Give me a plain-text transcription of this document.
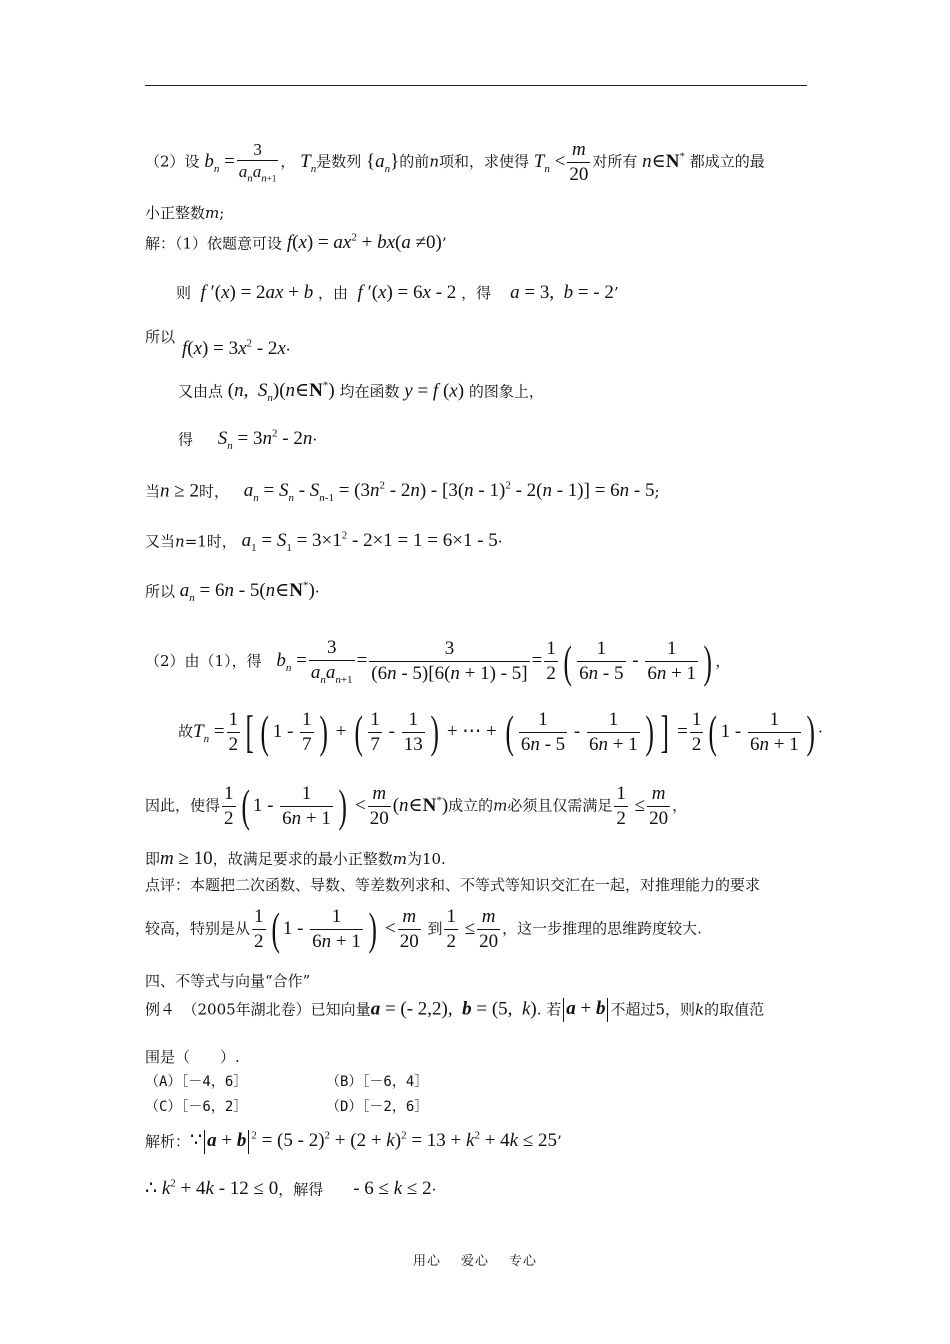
（2）设 $b_n = \frac{3}{a_na_{n+1}}$ ， $T_n$是数列 $\{a_n\}$的前n项和，求使得 $T_n < \frac{m}{20}$ 对所有 n∈N* 都成立的最
小正整数m;
解：（1）依题意可设 $f(x) = ax^2 + bx(a \ne 0)$’
则 f ′(x) = 2ax + b ，由 f ′(x) = 6x - 2 ，得 a = 3,  b = - 2’
所以
$f(x) = 3x^2 - 2x\cdot$
又由点 (n,  $S_n)(n\in N^*)$ 均在函数 y = f (x) 的图象上，
得 $S_n = 3n^2 - 2n\cdot$
当n ≥ 2时， $a_n = S_n - S_{n-1} = (3n^2 - 2n) - [3(n - 1)^2 - 2(n - 1)] = 6n - 5$;
又当n=1时， $a_1 = S_1 = 3\times 1^2 - 2\times 1 = 1 = 6\times 1 - 5\cdot$
所以 $a_n = 6n$ - 5(n∈N*)·
（2）由（1），得 $b_n = \frac{3}{a_na_{n+1}} = \frac{3}{(6n - 5)[6(n + 1) - 5]} = \frac{1}{2}$ ( $\frac{1}{6n - 5} - \frac{1}{6n + 1}$ ) ，
故$T_n = \frac{1}{2}$ [ ( $1 - \frac{1}{7}$ ) + ( $\frac{1}{7} - \frac{1}{13}$ ) + ⋯ + ( $\frac{1}{6n - 5} - \frac{1}{6n + 1}$ ) ] = $\frac{1}{2}$ ( $1 - \frac{1}{6n + 1}$ ) ·
因此，使得 $\frac{1}{2}$ ( $1 - \frac{1}{6n + 1}$ ) < $\frac{m}{20}$ (n∈N*)成立的m必须且仅需满足 $\frac{1}{2} \le \frac{m}{20}$ ，
即m ≥ 10，故满足要求的最小正整数m为10.
点评：本题把二次函数、导数、等差数列求和、不等式等知识交汇在一起，对推理能力的要求
较高，特别是从 $\frac{1}{2}$ ( $1 - \frac{1}{6n + 1}$ ) < $\frac{m}{20}$ 到 $\frac{1}{2} \le \frac{m}{20}$ ，这一步推理的思维跨度较大.
四、不等式与向量“合作”
例４　（2005年湖北卷）已知向量a = (- 2,2),  b = (5,  k). 若 a + b 不超过5，则k的取值范
围是（　　）.
（A）［－4，6］	（B）［－6，4］
（C）［－6，2］	（D）［－2，6］
解析：∵ a + b $^2 = (5 - 2)^2 + (2 + k)^2 = 13 + k^2 + 4k \le 25$’
∴ $k^2 + 4k - 12 \le 0$，解得 - 6 ≤ k ≤ 2·
用心 爱心 专心
